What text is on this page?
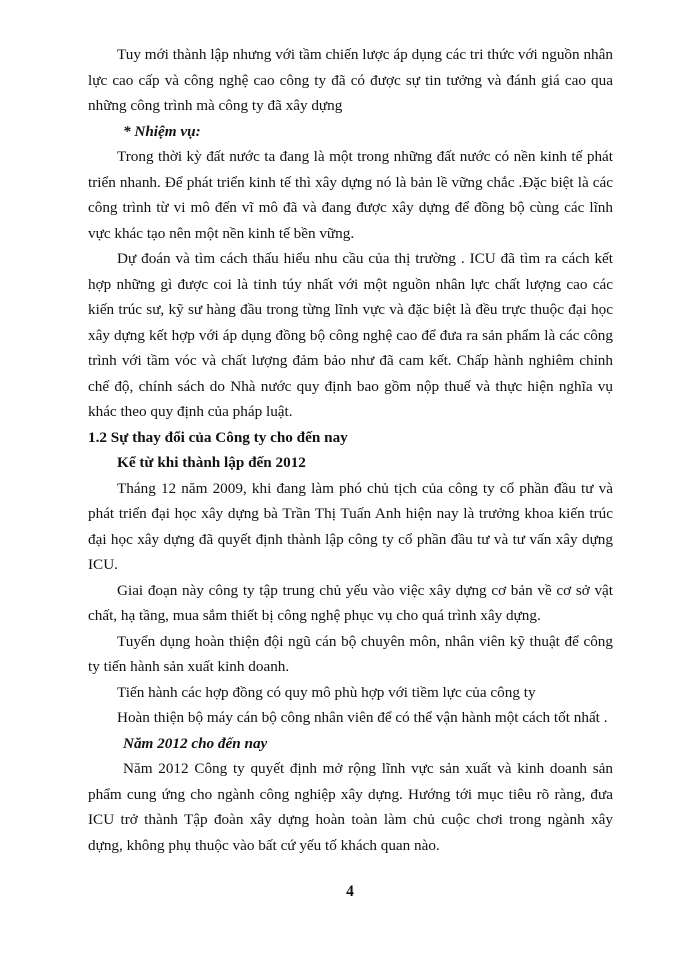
Tuy mới thành lập nhưng với tầm chiến lược áp dụng các tri thức với nguồn nhân lực cao cấp và công nghệ cao công ty đã có được sự tin tưởng và đánh giá cao qua những công trình mà công ty đã xây dựng

* Nhiệm vụ:

Trong thời kỳ đất nước ta đang là một trong những đất nước có nền kinh tế phát triển nhanh. Để phát triển kinh tế thì xây dựng nó là bản lề vững chắc .Đặc biệt là các công trình từ vi mô đến vĩ mô đã và đang được xây dựng để đồng bộ cùng các lĩnh vực khác tạo nên một nền kinh tế bền vững.

Dự đoán và tìm cách thấu hiểu nhu cầu của thị trường . ICU đã tìm ra cách kết hợp những gì được coi là tinh túy nhất với một nguồn nhân lực chất lượng cao các kiến trúc sư, kỹ sư hàng đầu trong từng lĩnh vực và đặc biệt là đều trực thuộc đại học xây dựng kết hợp với áp dụng đồng bộ công nghệ cao để đưa ra sản phẩm là các công trình với tầm vóc và chất lượng đảm bảo như đã cam kết. Chấp hành nghiêm chỉnh chế độ, chính sách do Nhà nước quy định bao gồm nộp thuế và thực hiện nghĩa vụ khác theo quy định của pháp luật.

1.2 Sự thay đổi của Công ty cho đến nay

Kể từ khi thành lập đến 2012

Tháng 12 năm 2009, khi đang làm phó chủ tịch của công ty cổ phần đầu tư và phát triển đại học xây dựng bà Trần Thị Tuấn Anh hiện nay là trưởng khoa kiến trúc đại học xây dựng đã quyết định thành lập công ty cổ phần đầu tư và tư vấn xây dựng ICU.

Giai đoạn này công ty tập trung chủ yếu vào việc xây dựng cơ bản về cơ sở vật chất, hạ tầng, mua sắm thiết bị công nghệ phục vụ cho quá trình xây dựng.

Tuyển dụng hoàn thiện đội ngũ cán bộ chuyên môn, nhân viên kỹ thuật để công ty tiến hành sản xuất kinh doanh.

Tiến hành các hợp đồng có quy mô phù hợp với tiềm lực của công ty

Hoàn thiện bộ máy cán bộ công nhân viên để có thể vận hành một cách tốt nhất .

Năm 2012 cho đến nay

Năm 2012 Công ty quyết định mở rộng lĩnh vực sản xuất và kinh doanh sản phẩm cung ứng cho ngành công nghiệp xây dựng. Hướng tới mục tiêu rõ ràng, đưa ICU trở thành Tập đoàn xây dựng hoàn toàn làm chủ cuộc chơi trong ngành xây dựng, không phụ thuộc vào bất cứ yếu tố khách quan nào.

4
